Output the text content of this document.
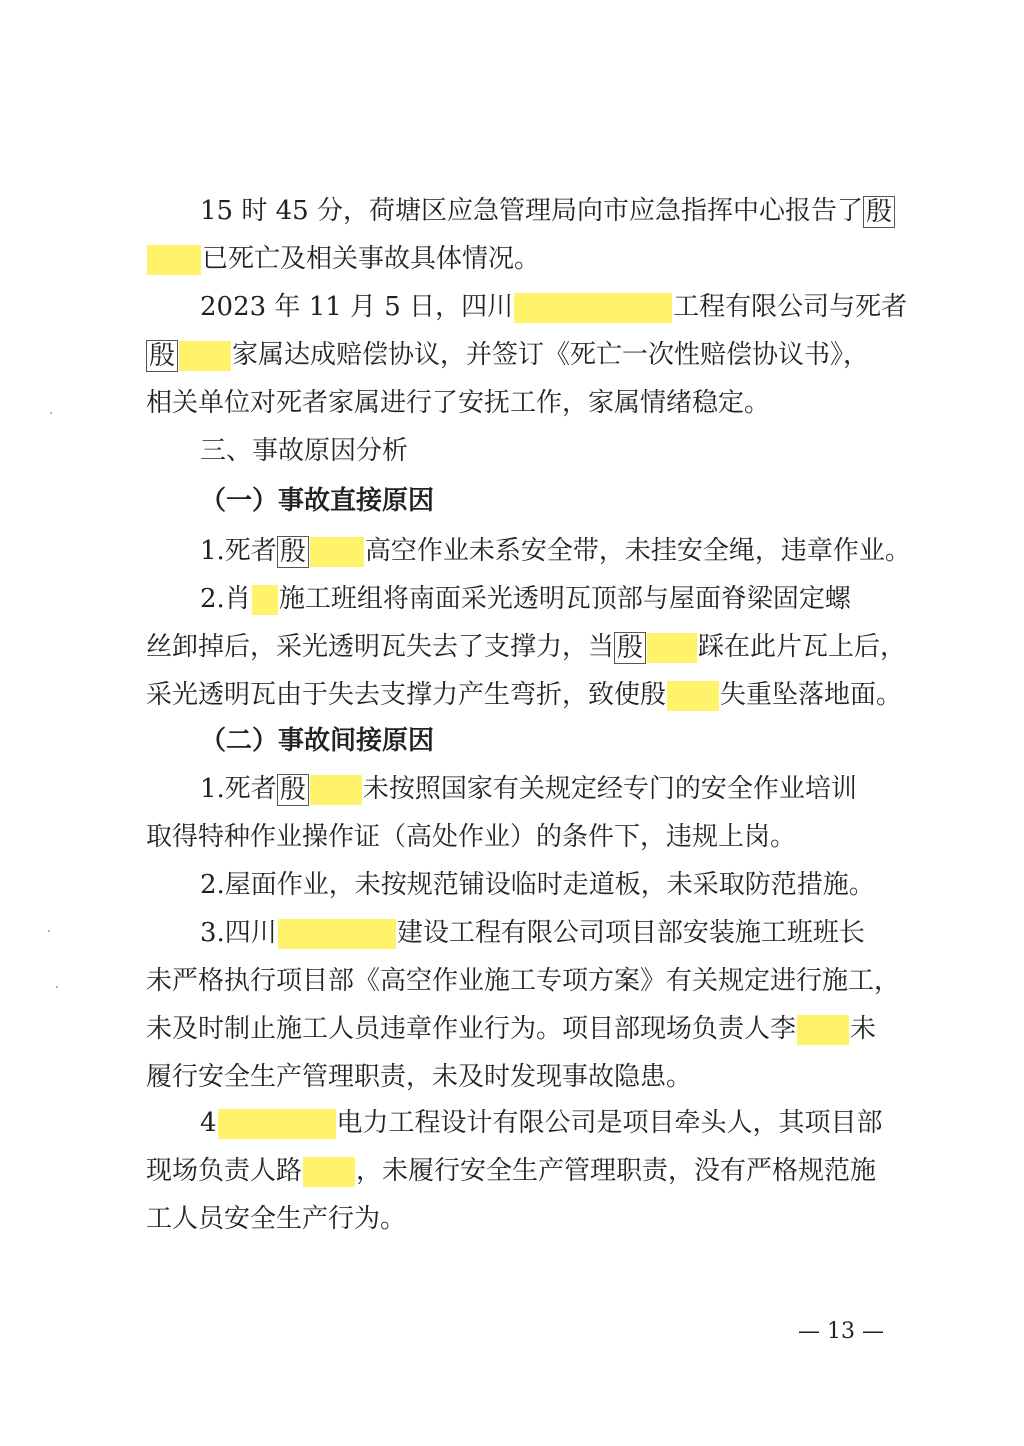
15 时 45 分，荷塘区应急管理局向市应急指挥中心报告了 殷
已死亡及相关事故具体情况。
2023 年 11 月 5 日，四川	工程有限公司与死者
殷 家属达成赔偿协议，并签订《死亡一次性赔偿协议书》，
相关单位对死者家属进行了安抚工作，家属情绪稳定。
三、事故原因分析
（一）事故直接原因
1.死者 殷 高空作业未系安全带，未挂安全绳，违章作业。
2.肖 施工班组将南面采光透明瓦顶部与屋面脊梁固定螺
丝卸掉后，采光透明瓦失去了支撑力，当 殷 踩在此片瓦上后，
采光透明瓦由于失去支撑力产生弯折，致使殷 失重坠落地面。
（二）事故间接原因
1.死者 殷 未按照国家有关规定经专门的安全作业培训
取得特种作业操作证（高处作业）的条件下，违规上岗。
2.屋面作业，未按规范铺设临时走道板，未采取防范措施。
3.四川	建设工程有限公司项目部安装施工班班长
未严格执行项目部《高空作业施工专项方案》有关规定进行施工，
未及时制止施工人员违章作业行为。项目部现场负责人李 未
履行安全生产管理职责，未及时发现事故隐患。
4	电力工程设计有限公司是项目牵头人，其项目部
现场负责人路 ，未履行安全生产管理职责，没有严格规范施
工人员安全生产行为。
— 13 —
